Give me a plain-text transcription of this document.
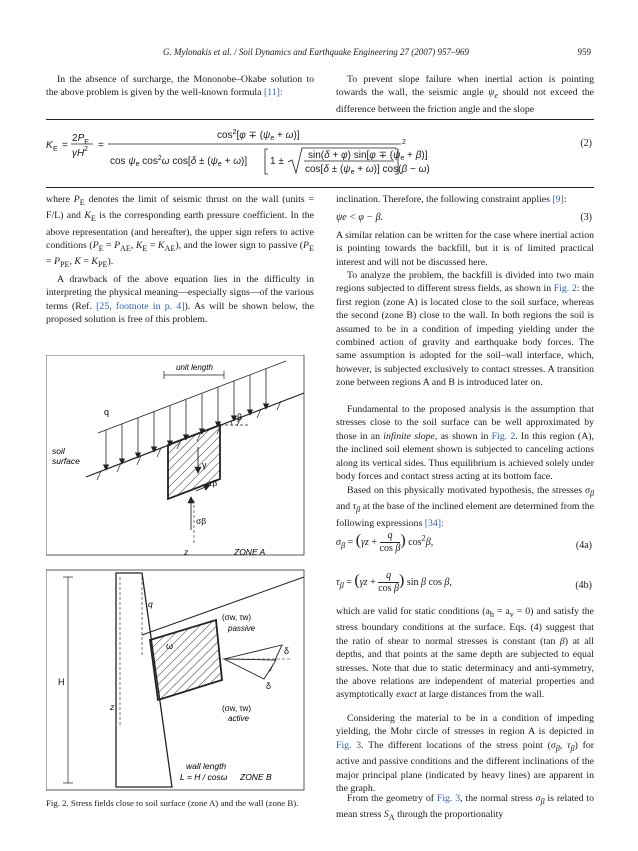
G. Mylonakis et al. / Soil Dynamics and Earthquake Engineering 27 (2007) 957–969	959

In the absence of surcharge, the Mononobe–Okabe solution to the above problem is given by the well-known formula [11]:

To prevent slope failure when inertial action is pointing towards the wall, the seismic angle $\psi_e$ should not exceed the difference between the friction angle and the slope

K E =
$2P_E$
γH 2 =
$\cos^2[\varphi \mp (\psi_e + \omega)]$
2
$\cos \psi_e$ $\cos^2\omega$ $\cos[\delta \pm (\psi_e + \omega)]$ 1 ±
sin(δ + φ) $\sin[\varphi \mp (\psi_e + \beta)]$
$\cos[\delta \pm (\psi_e + \omega)]$ cos(β − ω)
(2)

where $P_E$ denotes the limit of seismic thrust on the wall (units = F/L) and $K_E$ is the corresponding earth pressure coefficient. In the above representation (and hereafter), the upper sign refers to active conditions ($P_E = P_{AE}$, $K_E = K_{AE}$), and the lower sign to passive ($P_E = P_{PE}$, $K = K_{PE}$).

A drawback of the above equation lies in the difficulty in interpreting the physical meaning—especially signs—of the various terms (Ref. [25, footnote in p. 4]). As will be shown below, the proposed solution is free of this problem.

unit length
q	β
soil
surface	γ
τβ
σβ
z	ZONE A
H
q
(σw, τw)
passive
δ
δ
(σw, τw)
active
z
wall length
L = H / cosω ZONE B
Fig. 2. Stress fields close to soil surface (zone A) and the wall (zone B).

inclination. Therefore, the following constraint applies [9]:

ψe < φ − β.	(3)

A similar relation can be written for the case where inertial action is pointing towards the backfill, but it is of limited practical interest and will not be discussed here.

To analyze the problem, the backfill is divided into two main regions subjected to different stress fields, as shown in Fig. 2: the first region (zone A) is located close to the soil surface, whereas the second (zone B) close to the wall. In both regions the soil is assumed to be in a condition of impeding yielding under the combined action of gravity and earthquake body forces. The same assumption is adopted for the soil–wall interface, which, however, is subjected exclusively to contact stresses. A transition zone between regions A and B is introduced later on.

Fundamental to the proposed analysis is the assumption that stresses close to the soil surface can be well approximated by those in an infinite slope, as shown in Fig. 2. In this region (A), the inclined soil element shown is subjected to canceling actions along its vertical sides. Thus equilibrium is achieved solely under body forces and contact stress acting at its bottom face.

Based on this physically motivated hypothesis, the stresses $\sigma_\beta$ and $\tau_\beta$ at the base of the inclined element are determined from the following expressions [34]:

$\sigma_\beta = (\gamma z + \frac{q}{\text{cos β}}$ ) $\cos^2\beta$,	(4a)
$\tau_\beta = (\gamma z + \frac{q}{\text{cos β}}$ ) sin β cos β,	(4b)

which are valid for static conditions $(a_h = a_v = 0)$ and satisfy the stress boundary conditions at the surface. Eqs. (4) suggest that the ratio of shear to normal stresses is constant (tan β) at all depths, and that points at the same depth are subjected to equal stresses. Note that due to static determinacy and anti-symmetry, the above relations are independent of material properties and asymptotically exact at large distances from the wall.

Considering the material to be in a condition of impeding yielding, the Mohr circle of stresses in region A is depicted in Fig. 3. The different locations of the stress point ($\sigma_\beta$, $\tau_\beta$) for active and passive conditions and the different inclinations of the major principal plane (indicated by heavy lines) are apparent in the graph.

From the geometry of Fig. 3, the normal stress $\sigma_\beta$ is related to mean stress $S_A$ through the proportionality
